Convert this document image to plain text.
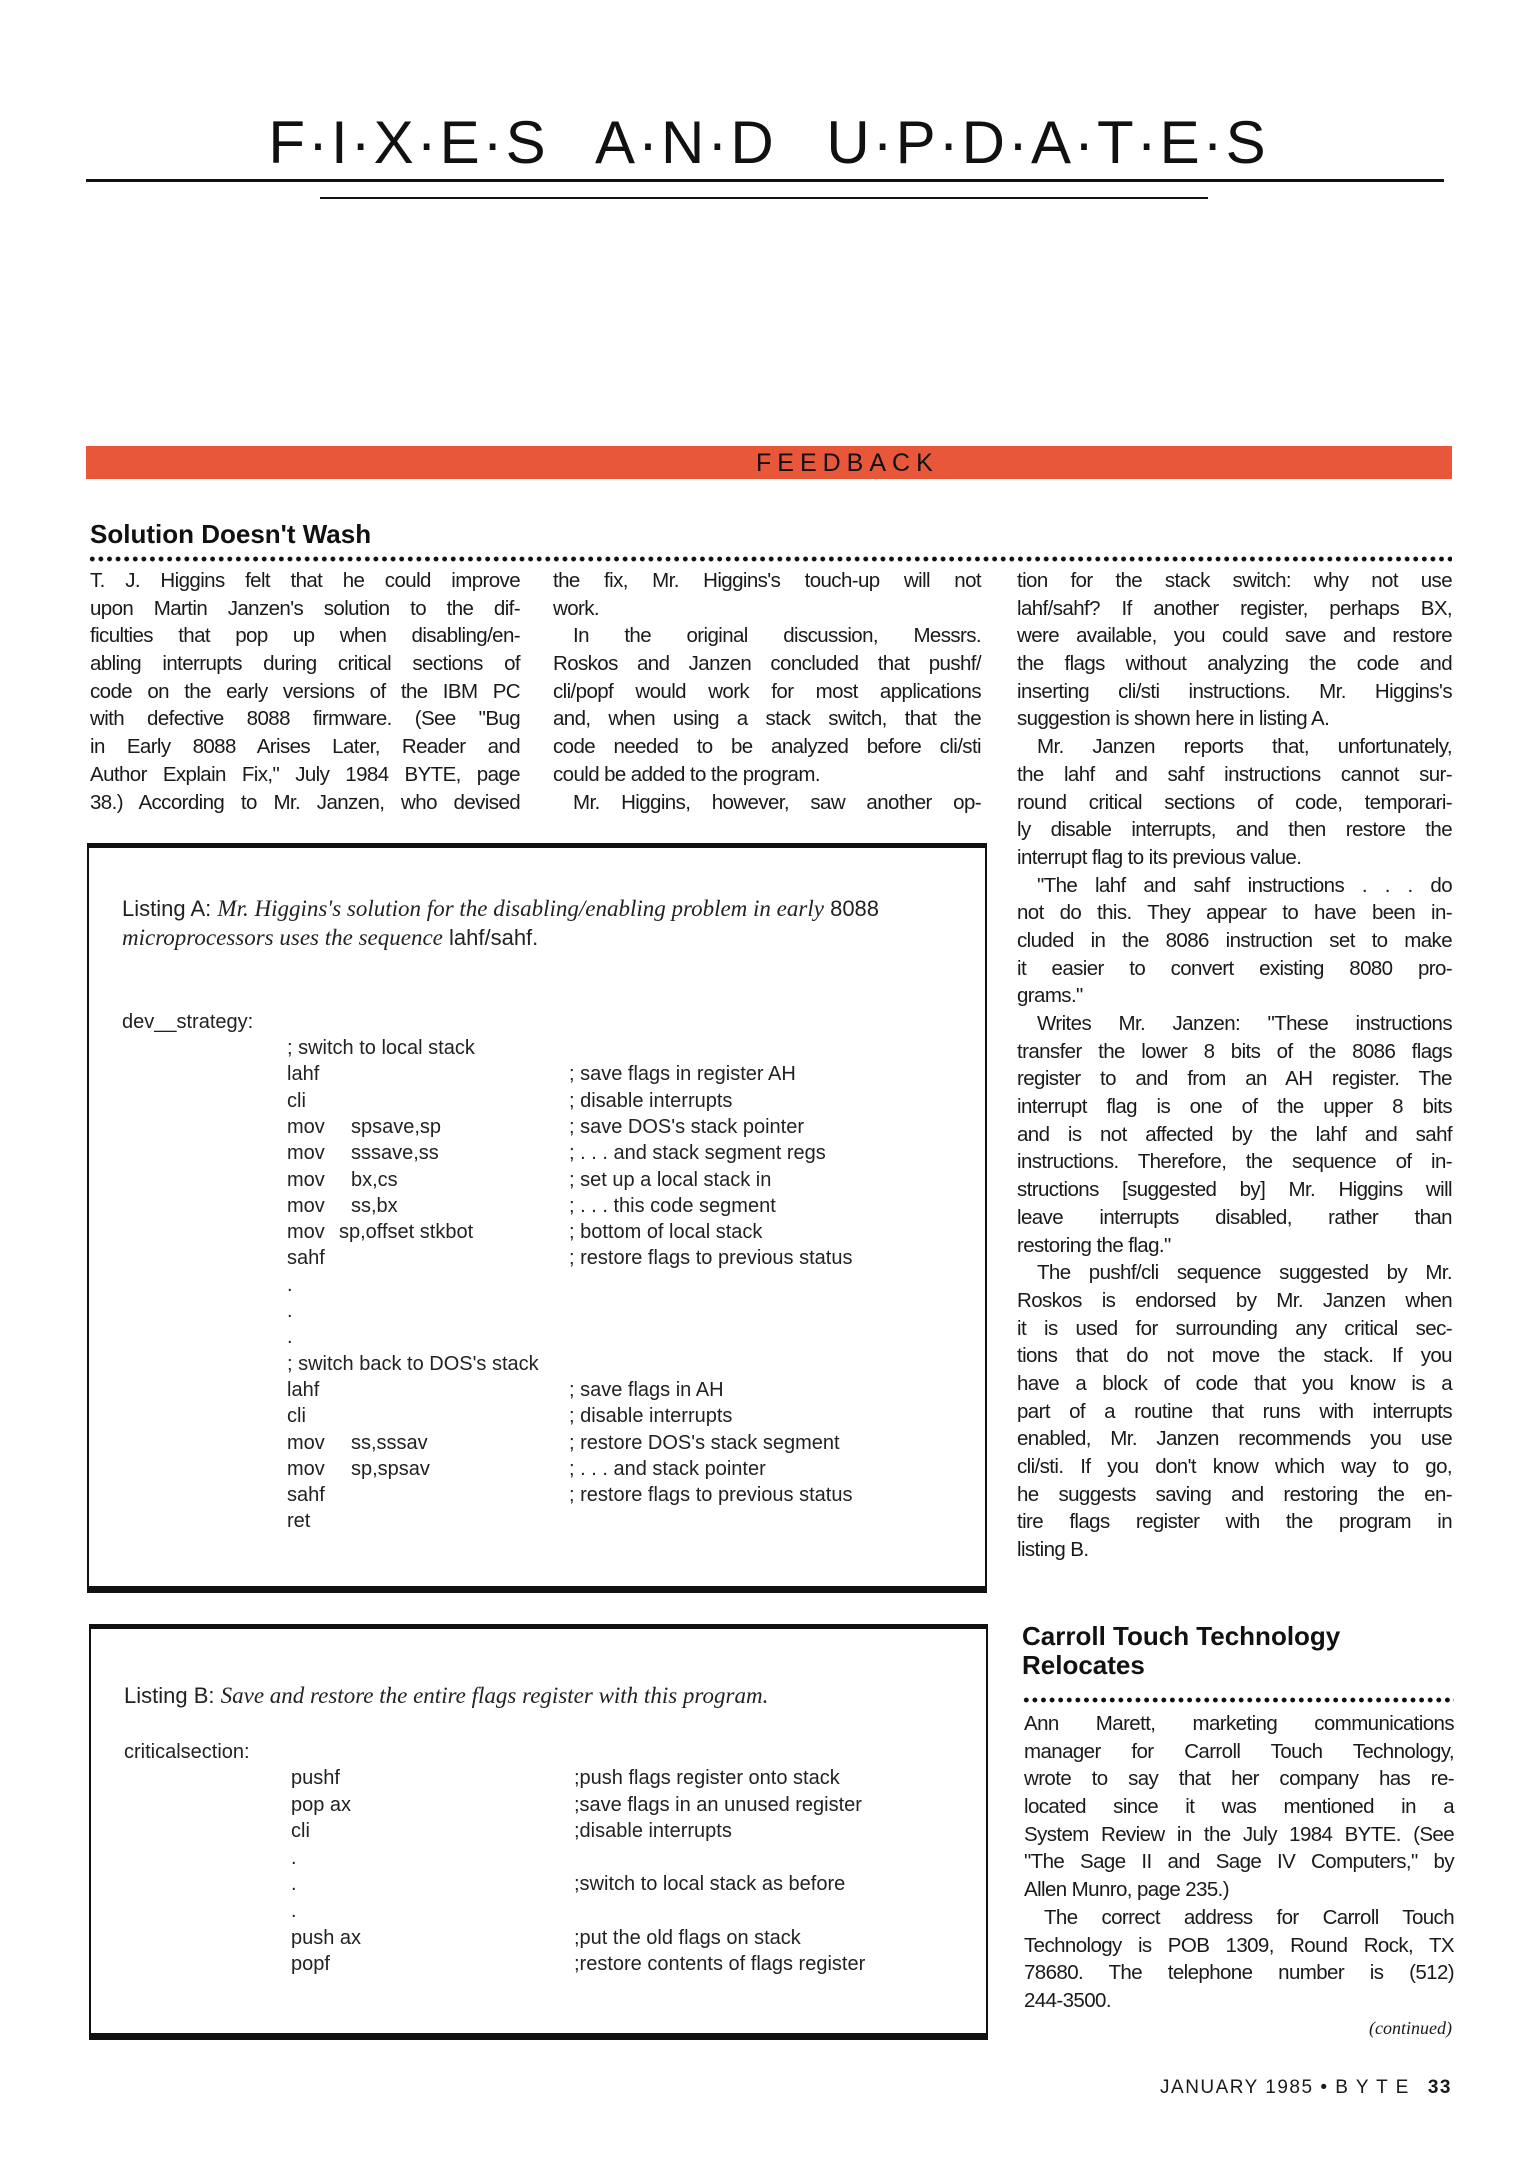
F·I·X·E·S A·N·D U·P·D·A·T·E·S
FEEDBACK
Solution Doesn't Wash
T. J. Higgins felt that he could improve
upon Martin Janzen's solution to the dif-
ficulties that pop up when disabling/en-
abling interrupts during critical sections of
code on the early versions of the IBM PC
with defective 8088 firmware. (See "Bug
in Early 8088 Arises Later, Reader and
Author Explain Fix," July 1984 BYTE, page
38.) According to Mr. Janzen, who devised
the fix, Mr. Higgins's touch-up will not
work.
In the original discussion, Messrs.
Roskos and Janzen concluded that pushf/
cli/popf would work for most applications
and, when using a stack switch, that the
code needed to be analyzed before cli/sti
could be added to the program.
Mr. Higgins, however, saw another op-
tion for the stack switch: why not use
lahf/sahf? If another register, perhaps BX,
were available, you could save and restore
the flags without analyzing the code and
inserting cli/sti instructions. Mr. Higgins's
suggestion is shown here in listing A.
Mr. Janzen reports that, unfortunately,
the lahf and sahf instructions cannot sur-
round critical sections of code, temporari-
ly disable interrupts, and then restore the
interrupt flag to its previous value.
"The lahf and sahf instructions . . . do
not do this. They appear to have been in-
cluded in the 8086 instruction set to make
it easier to convert existing 8080 pro-
grams."
Writes Mr. Janzen: "These instructions
transfer the lower 8 bits of the 8086 flags
register to and from an AH register. The
interrupt flag is one of the upper 8 bits
and is not affected by the lahf and sahf
instructions. Therefore, the sequence of in-
structions [suggested by] Mr. Higgins will
leave interrupts disabled, rather than
restoring the flag."
The pushf/cli sequence suggested by Mr.
Roskos is endorsed by Mr. Janzen when
it is used for surrounding any critical sec-
tions that do not move the stack. If you
have a block of code that you know is a
part of a routine that runs with interrupts
enabled, Mr. Janzen recommends you use
cli/sti. If you don't know which way to go,
he suggests saving and restoring the en-
tire flags register with the program in
listing B.
Listing A: Mr. Higgins's solution for the disabling/enabling problem in early 8088
microprocessors uses the sequence lahf/sahf.
dev__strategy:
; switch to local stack
lahf	; save flags in register AH
cli	; disable interrupts
mov spsave,sp	; save DOS's stack pointer
mov sssave,ss	; . . . and stack segment regs
mov bx,cs	; set up a local stack in
mov ss,bx	; . . . this code segment
mov sp,offset stkbot	; bottom of local stack
sahf	; restore flags to previous status
.
.
.
; switch back to DOS's stack
lahf	; save flags in AH
cli	; disable interrupts
mov ss,sssav	; restore DOS's stack segment
mov sp,spsav	; . . . and stack pointer
sahf	; restore flags to previous status
ret
Listing B: Save and restore the entire flags register with this program.
criticalsection:
pushf	;push flags register onto stack
pop ax	;save flags in an unused register
cli	;disable interrupts
.
.	;switch to local stack as before
.
push ax	;put the old flags on stack
popf	;restore contents of flags register
Carroll Touch Technology
Relocates
Ann Marett, marketing communications
manager for Carroll Touch Technology,
wrote to say that her company has re-
located since it was mentioned in a
System Review in the July 1984 BYTE. (See
"The Sage II and Sage IV Computers," by
Allen Munro, page 235.)
The correct address for Carroll Touch
Technology is POB 1309, Round Rock, TX
78680. The telephone number is (512)
244-3500.
(continued)
JANUARY 1985 • B Y T E 33
